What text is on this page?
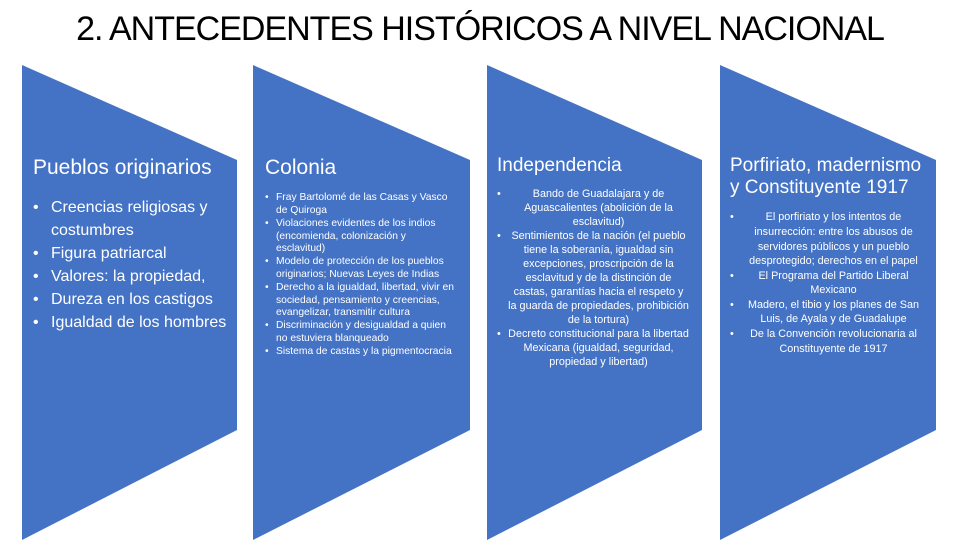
2. ANTECEDENTES HISTÓRICOS A NIVEL NACIONAL
Pueblos originarios
• Creencias religiosas y costumbres
• Figura patriarcal
• Valores: la propiedad,
• Dureza en los castigos
• Igualdad de los hombres
Colonia
• Fray Bartolomé de las Casas y Vasco de Quiroga
• Violaciones evidentes de los indios (encomienda, colonización y esclavitud)
• Modelo de protección de los pueblos originarios; Nuevas Leyes de Indias
• Derecho a la igualdad, libertad, vivir en sociedad, pensamiento y creencias, evangelizar, transmitir cultura
• Discriminación y desigualdad a quien no estuviera blanqueado
• Sistema de castas y la pigmentocracia
Independencia
• Bando de Guadalajara y de Aguascalientes (abolición de la esclavitud)
• Sentimientos de la nación (el pueblo tiene la soberanía, igualdad sin excepciones, proscripción de la esclavitud y de la distinción de castas, garantías hacia el respeto y la guarda de propiedades, prohibición de la tortura)
• Decreto constitucional para la libertad Mexicana (igualdad, seguridad, propiedad y libertad)
Porfiriato, madernismo y Constituyente 1917
• El porfiriato y los intentos de insurrección: entre los abusos de servidores públicos y un pueblo desprotegido; derechos en el papel
• El Programa del Partido Liberal Mexicano
• Madero, el tibio y los planes de San Luis, de Ayala y de Guadalupe
• De la Convención revolucionaria al Constituyente de 1917
